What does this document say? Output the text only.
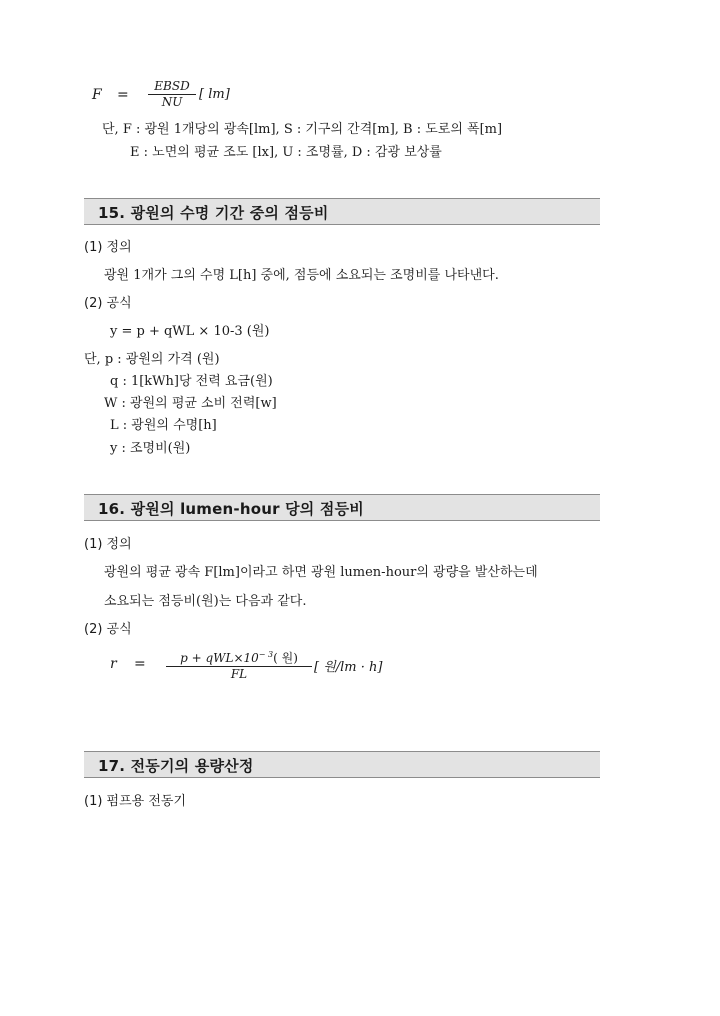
F =
EBSD
NU	[ lm]
단, F : 광원 1개당의 광속[lm], S : 기구의 간격[m], B : 도로의 폭[m]
E : 노면의 평균 조도 [lx], U : 조명률, D : 감광 보상률
15. 광원의 수명 기간 중의 점등비
(1) 정의
광원 1개가 그의 수명 L[h] 중에, 점등에 소요되는 조명비를 나타낸다.
(2) 공식
y = p + qWL × 10-3 (원)
단, p : 광원의 가격 (원)
q : 1[kWh]당 전력 요금(원)
W : 광원의 평균 소비 전력[w]
L : 광원의 수명[h]
y : 조명비(원)
16. 광원의 lumen-hour 당의 점등비
(1) 정의
광원의 평균 광속 F[lm]이라고 하면 광원 lumen-hour의 광량을 발산하는데
소요되는 점등비(원)는 다음과 같다.
(2) 공식
r =	$p + qWL\times 10^{- 3}$( 원)
FL	[ 원/lm · h]
17. 전동기의 용량산정
(1) 펌프용 전동기
